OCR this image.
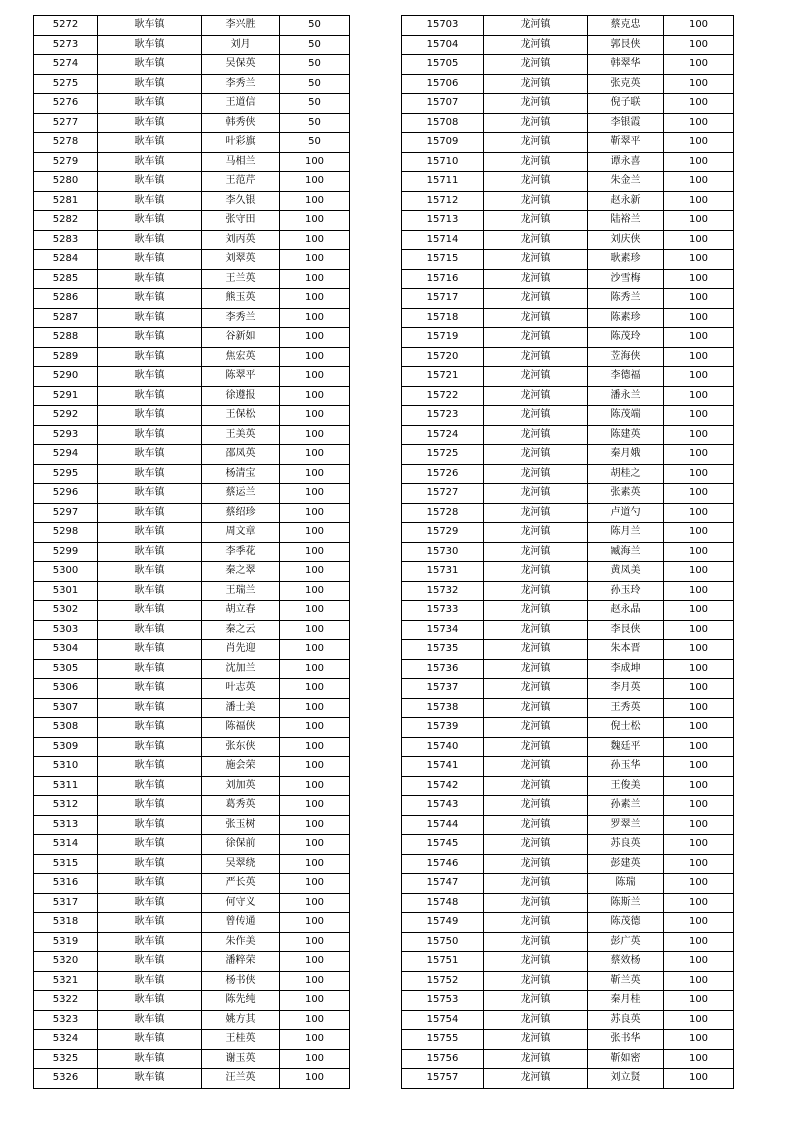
5272	耿车镇	李兴胜	50
5273	耿车镇	刘月	50
5274	耿车镇	吴保英	50
5275	耿车镇	李秀兰	50
5276	耿车镇	王道信	50
5277	耿车镇	韩秀侠	50
5278	耿车镇	叶彩旗	50
5279	耿车镇	马相兰	100
5280	耿车镇	王范芹	100
5281	耿车镇	李久银	100
5282	耿车镇	张守田	100
5283	耿车镇	刘丙英	100
5284	耿车镇	刘翠英	100
5285	耿车镇	王兰英	100
5286	耿车镇	熊玉英	100
5287	耿车镇	李秀兰	100
5288	耿车镇	谷新如	100
5289	耿车镇	焦宏英	100
5290	耿车镇	陈翠平	100
5291	耿车镇	徐遵报	100
5292	耿车镇	王保松	100
5293	耿车镇	王美英	100
5294	耿车镇	邵凤英	100
5295	耿车镇	杨清宝	100
5296	耿车镇	蔡运兰	100
5297	耿车镇	蔡绍珍	100
5298	耿车镇	周文章	100
5299	耿车镇	李季花	100
5300	耿车镇	秦之翠	100
5301	耿车镇	王瑞兰	100
5302	耿车镇	胡立春	100
5303	耿车镇	秦之云	100
5304	耿车镇	肖先迎	100
5305	耿车镇	沈加兰	100
5306	耿车镇	叶志英	100
5307	耿车镇	潘士美	100
5308	耿车镇	陈福侠	100
5309	耿车镇	张东侠	100
5310	耿车镇	施会荣	100
5311	耿车镇	刘加英	100
5312	耿车镇	葛秀英	100
5313	耿车镇	张玉树	100
5314	耿车镇	徐保前	100
5315	耿车镇	吴翠绕	100
5316	耿车镇	严长英	100
5317	耿车镇	何守义	100
5318	耿车镇	曾传通	100
5319	耿车镇	朱作美	100
5320	耿车镇	潘粹荣	100
5321	耿车镇	杨书侠	100
5322	耿车镇	陈先纯	100
5323	耿车镇	姚方其	100
5324	耿车镇	王桂英	100
5325	耿车镇	谢玉英	100
5326	耿车镇	汪兰英	100
15703	龙河镇	蔡克忠	100
15704	龙河镇	郭艮侠	100
15705	龙河镇	韩翠华	100
15706	龙河镇	张克英	100
15707	龙河镇	倪子联	100
15708	龙河镇	李银霞	100
15709	龙河镇	靳翠平	100
15710	龙河镇	谭永喜	100
15711	龙河镇	朱金兰	100
15712	龙河镇	赵永新	100
15713	龙河镇	陆裕兰	100
15714	龙河镇	刘庆侠	100
15715	龙河镇	耿素珍	100
15716	龙河镇	沙雪梅	100
15717	龙河镇	陈秀兰	100
15718	龙河镇	陈素珍	100
15719	龙河镇	陈茂玲	100
15720	龙河镇	苙海侠	100
15721	龙河镇	李德福	100
15722	龙河镇	潘永兰	100
15723	龙河镇	陈茂端	100
15724	龙河镇	陈建英	100
15725	龙河镇	秦月娥	100
15726	龙河镇	胡桂之	100
15727	龙河镇	张素英	100
15728	龙河镇	卢道勺	100
15729	龙河镇	陈月兰	100
15730	龙河镇	臧海兰	100
15731	龙河镇	黄凤美	100
15732	龙河镇	孙玉玲	100
15733	龙河镇	赵永晶	100
15734	龙河镇	李艮侠	100
15735	龙河镇	朱本晋	100
15736	龙河镇	李成坤	100
15737	龙河镇	李月英	100
15738	龙河镇	王秀英	100
15739	龙河镇	倪士松	100
15740	龙河镇	魏廷平	100
15741	龙河镇	孙玉华	100
15742	龙河镇	王俊美	100
15743	龙河镇	孙素兰	100
15744	龙河镇	罗翠兰	100
15745	龙河镇	苏良英	100
15746	龙河镇	彭建英	100
15747	龙河镇	陈瑞	100
15748	龙河镇	陈斯兰	100
15749	龙河镇	陈茂德	100
15750	龙河镇	彭广英	100
15751	龙河镇	蔡效杨	100
15752	龙河镇	靳兰英	100
15753	龙河镇	秦月桂	100
15754	龙河镇	苏良英	100
15755	龙河镇	张书华	100
15756	龙河镇	靳如密	100
15757	龙河镇	刘立贤	100
